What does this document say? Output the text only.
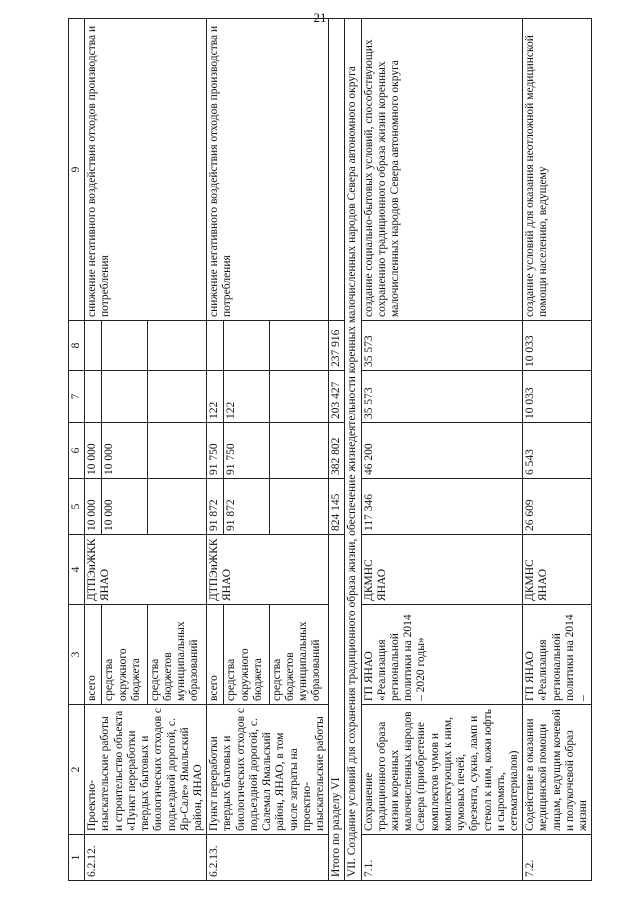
21
1	2	3	4	5	6	7	8	9
6.2.12.	Проектно-изыскательские работы и строительство объекта «Пункт переработки твердых бытовых и биологических отходов с подъездной дорогой, с. Яр-Сале» Ямальский район, ЯНАО	всего	ДТПЭиЖКК ЯНАО	10 000	10 000			снижение негативного воздействия отходов производства и потребления
		средства окружного бюджета		10 000	10 000			
		средства бюджетов муниципальных образований						
6.2.13.	Пункт переработки твердых бытовых и биологических отходов с подъездной дорогой, с. Салемал Ямальский район, ЯНАО, в том числе затраты на проектно-изыскательские работы	всего	ДТПЭиЖКК ЯНАО	91 872	91 750	122		снижение негативного воздействия отходов производства и потребления
		средства окружного бюджета		91 872	91 750	122		
		средства бюджетов муниципальных образований						
Итого по разделу VI				824 145	382 802	203 427	237 916	
VII. Создание условий для сохранения традиционного образа жизни, обеспечение жизнедеятельности коренных малочисленных народов Севера автономного округа								
7.1.	Сохранение традиционного образа жизни коренных малочисленных народов Севера (приобретение комплектов чумов и комплектующих к ним, чумовых печей, брезента, сукна, ламп и стекол к ним, кожи юфть и сыромять, сетематериалов)	ГП ЯНАО «Реализация региональной политики на 2014 – 2020 годы»	ДКМНС ЯНАО	117 346	46 200	35 573	35 573	создание социально-бытовых условий, способствующих сохранению традиционного образа жизни коренных малочисленных народов Севера автономного округа
7.2.	Содействие в оказании медицинской помощи лицам, ведущим кочевой и полукочевой образ жизни	ГП ЯНАО «Реализация региональной политики на 2014 –	ДКМНС ЯНАО	26 609	6 543	10 033	10 033	создание условий для оказания неотложной медицинской помощи населению, ведущему
